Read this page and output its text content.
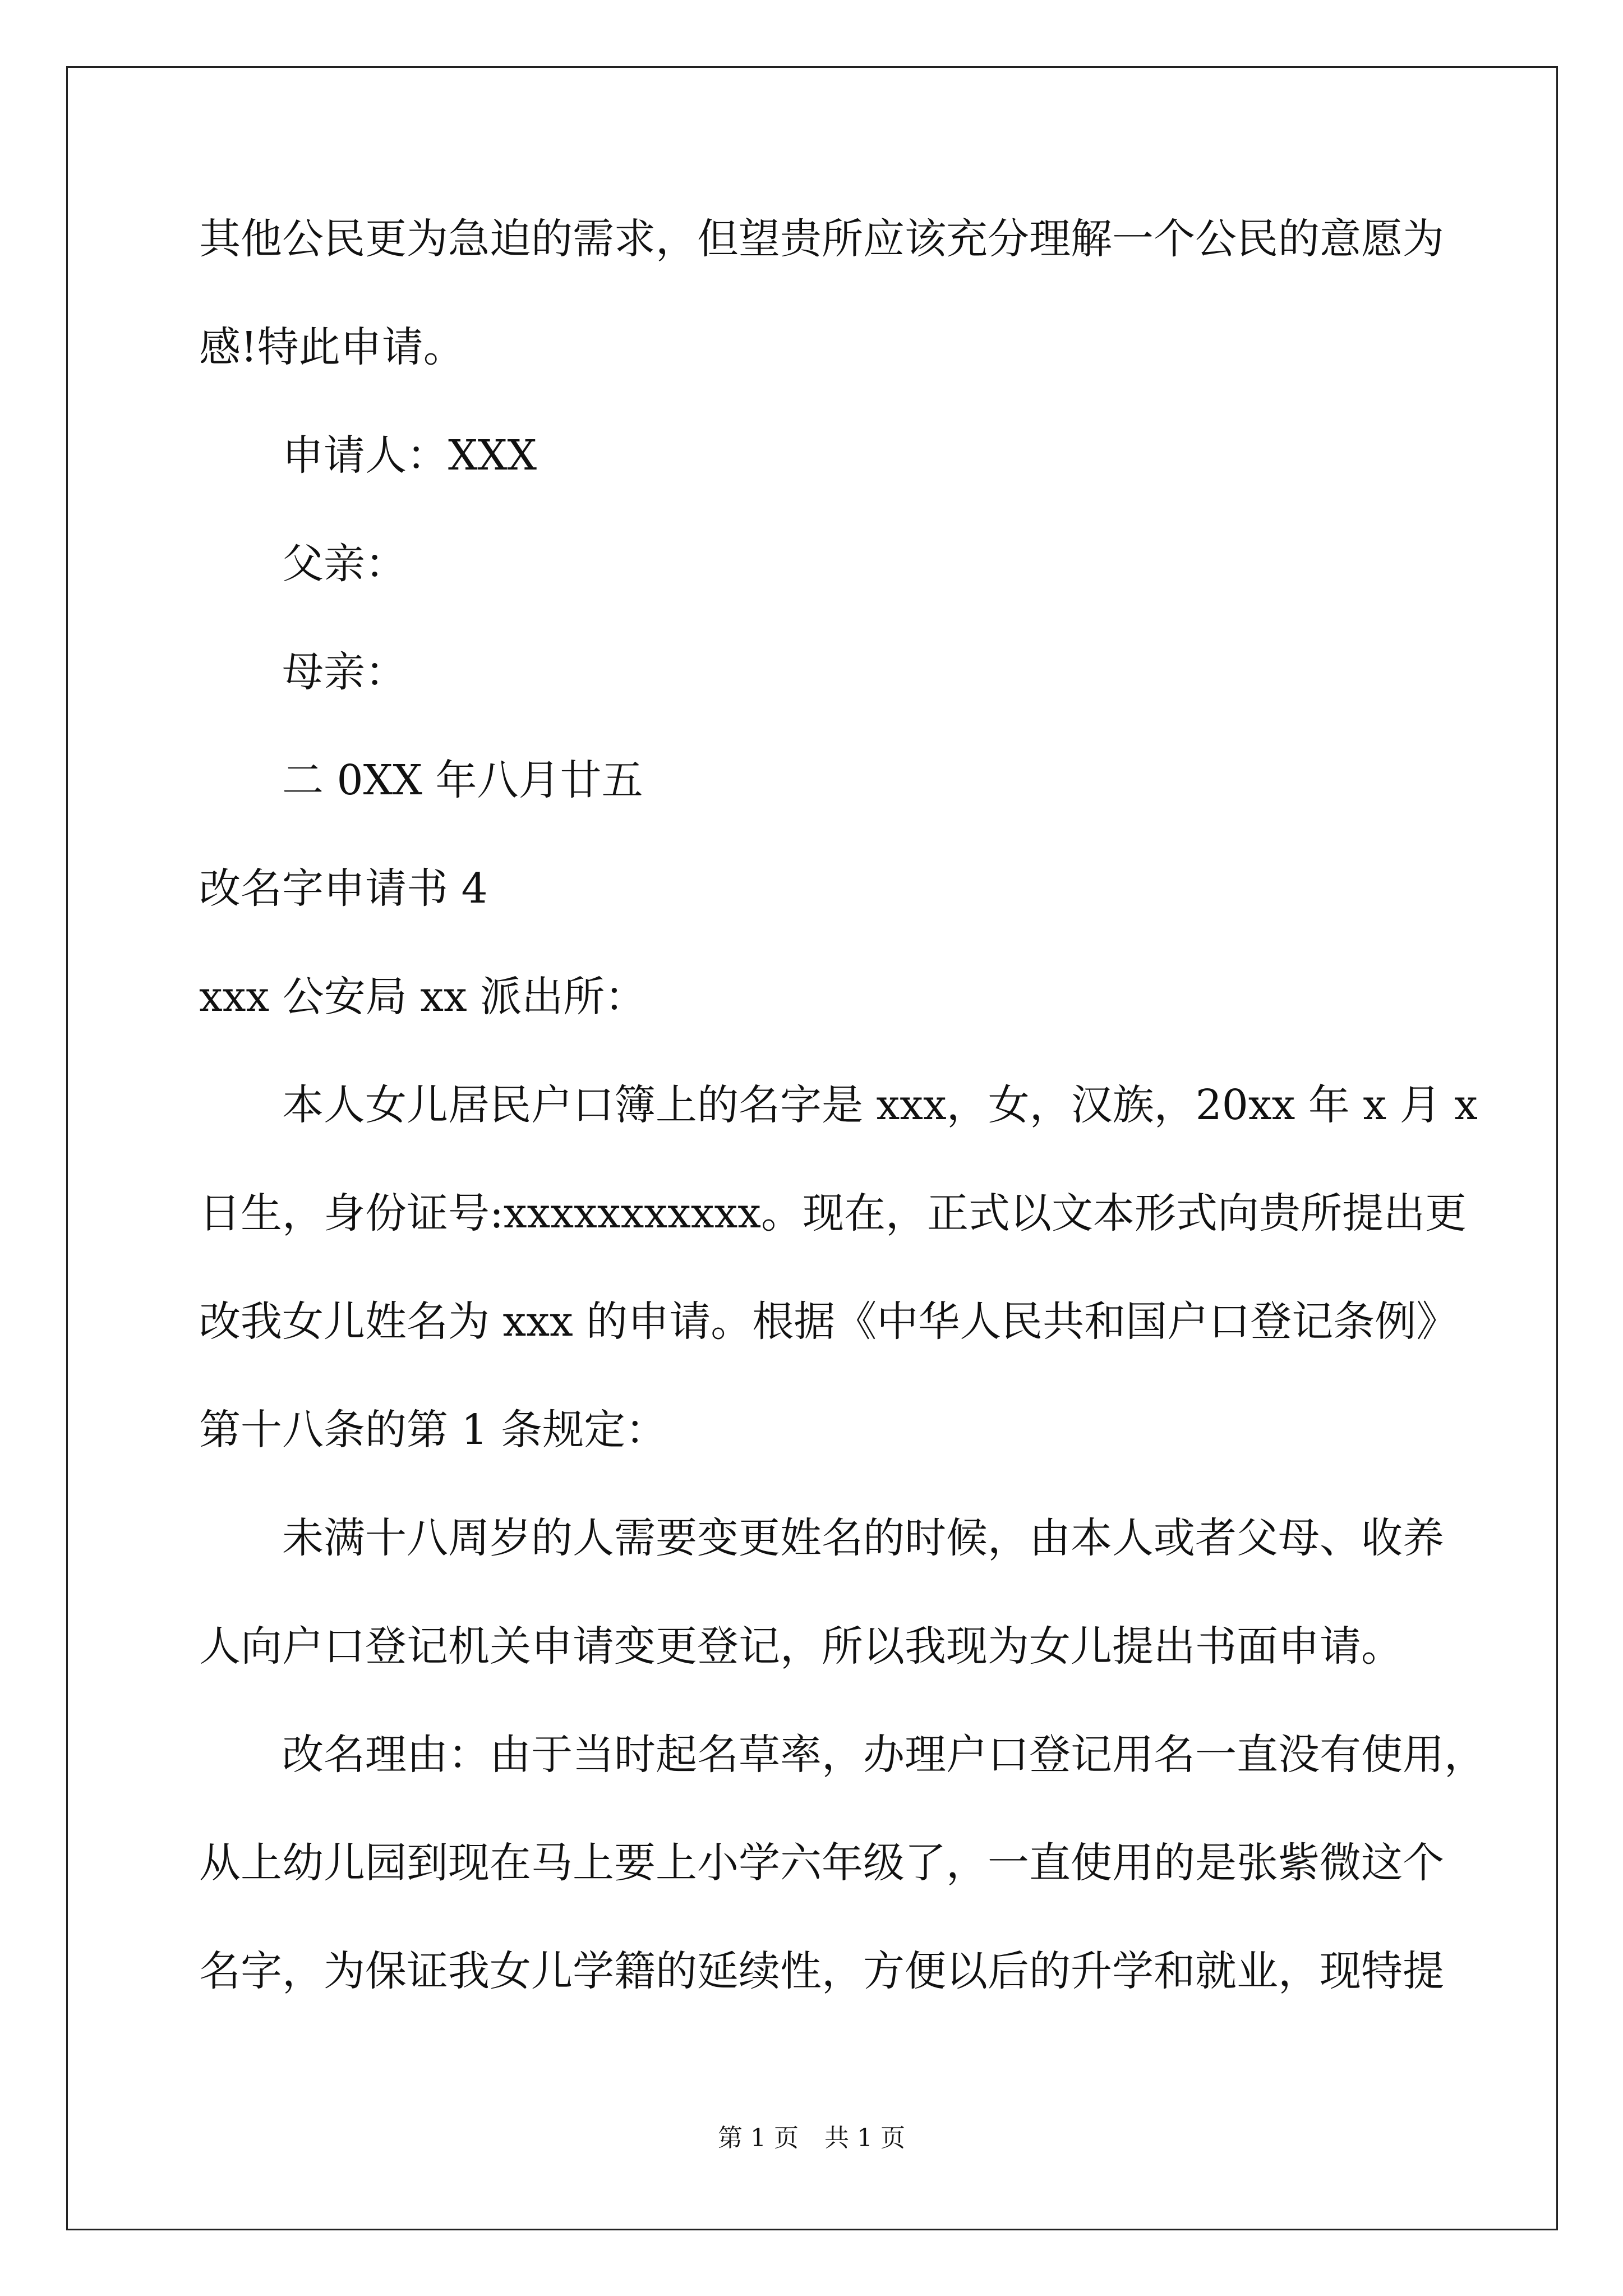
其他公民更为急迫的需求，但望贵所应该充分理解一个公民的意愿为
感!特此申请。
申请人：XXX
父亲：
母亲：
二 0XX 年八月廿五
改名字申请书 4
xxx 公安局 xx 派出所：
本人女儿居民户口簿上的名字是 xxx，女，汉族，20xx 年 x 月 x
日生，身份证号:xxxxxxxxxxx。现在，正式以文本形式向贵所提出更
改我女儿姓名为 xxx 的申请。根据《中华人民共和国户口登记条例》
第十八条的第 1 条规定：
未满十八周岁的人需要变更姓名的时候，由本人或者父母、收养
人向户口登记机关申请变更登记，所以我现为女儿提出书面申请。
改名理由：由于当时起名草率，办理户口登记用名一直没有使用，
从上幼儿园到现在马上要上小学六年级了，一直使用的是张紫微这个
名字，为保证我女儿学籍的延续性，方便以后的升学和就业，现特提
第 1 页 共 1 页
